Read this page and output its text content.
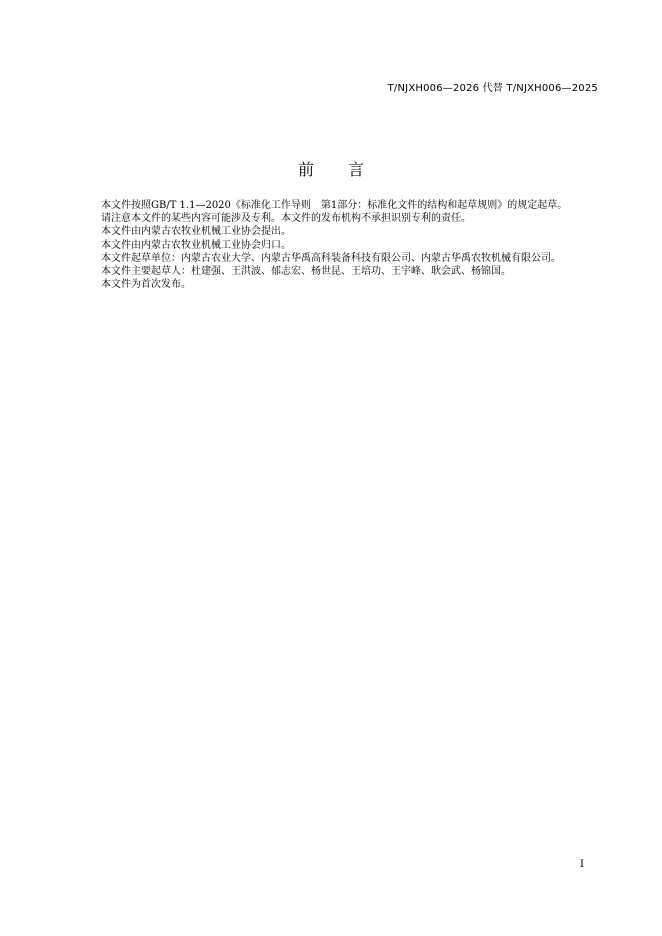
T/NJXH006—2026 代替 T/NJXH006—2025
前言

本文件按照GB/T 1.1—2020《标准化工作导则　第1部分：标准化文件的结构和起草规则》的规定起草。

请注意本文件的某些内容可能涉及专利。本文件的发布机构不承担识别专利的责任。

本文件由内蒙古农牧业机械工业协会提出。

本文件由内蒙古农牧业机械工业协会归口。

本文件起草单位：内蒙古农业大学、内蒙古华禹高科装备科技有限公司、内蒙古华禹农牧机械有限公司。

本文件主要起草人：杜建强、王洪波、郁志宏、杨世昆、王培功、王宇峰、耿会武、杨锦国。

本文件为首次发布。

I
